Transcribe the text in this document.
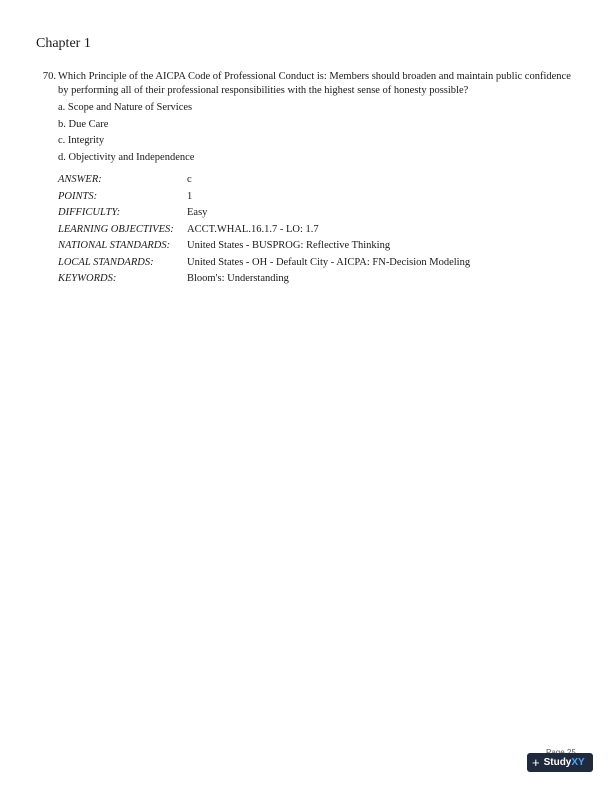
Chapter 1
70. Which Principle of the AICPA Code of Professional Conduct is: Members should broaden and maintain public confidence by performing all of their professional responsibilities with the highest sense of honesty possible?
a. Scope and Nature of Services
b. Due Care
c. Integrity
d. Objectivity and Independence
ANSWER:	c
POINTS:	1
DIFFICULTY:	Easy
LEARNING OBJECTIVES:	ACCT.WHAL.16.1.7 - LO: 1.7
NATIONAL STANDARDS:	United States - BUSPROG: Reflective Thinking
LOCAL STANDARDS:	United States - OH - Default City - AICPA: FN-Decision Modeling
KEYWORDS:	Bloom's: Understanding
+ StudyXY
